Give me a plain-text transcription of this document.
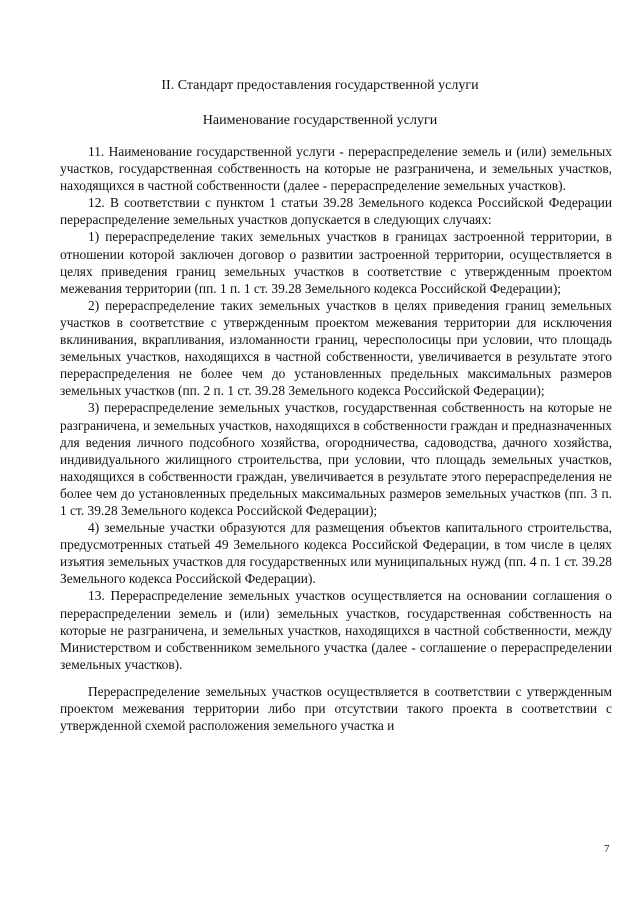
II. Стандарт предоставления государственной услуги
Наименование государственной услуги

11. Наименование государственной услуги - перераспределение земель и (или) земельных участков, государственная собственность на которые не разграничена, и земельных участков, находящихся в частной собственности (далее - перераспределение земельных участков).

12. В соответствии с пунктом 1 статьи 39.28 Земельного кодекса Российской Федерации перераспределение земельных участков допускается в следующих случаях:

1) перераспределение таких земельных участков в границах застроенной территории, в отношении которой заключен договор о развитии застроенной территории, осуществляется в целях приведения границ земельных участков в соответствие с утвержденным проектом межевания территории (пп. 1 п. 1 ст. 39.28 Земельного кодекса Российской Федерации);

2) перераспределение таких земельных участков в целях приведения границ земельных участков в соответствие с утвержденным проектом межевания территории для исключения вклинивания, вкрапливания, изломанности границ, чересполосицы при условии, что площадь земельных участков, находящихся в частной собственности, увеличивается в результате этого перераспределения не более чем до установленных предельных максимальных размеров земельных участков (пп. 2 п. 1 ст. 39.28 Земельного кодекса Российской Федерации);

3) перераспределение земельных участков, государственная собственность на которые не разграничена, и земельных участков, находящихся в собственности граждан и предназначенных для ведения личного подсобного хозяйства, огородничества, садоводства, дачного хозяйства, индивидуального жилищного строительства, при условии, что площадь земельных участков, находящихся в собственности граждан, увеличивается в результате этого перераспределения не более чем до установленных предельных максимальных размеров земельных участков (пп. 3 п. 1 ст. 39.28 Земельного кодекса Российской Федерации);

4) земельные участки образуются для размещения объектов капитального строительства, предусмотренных статьей 49 Земельного кодекса Российской Федерации, в том числе в целях изъятия земельных участков для государственных или муниципальных нужд (пп. 4 п. 1 ст. 39.28 Земельного кодекса Российской Федерации).

13. Перераспределение земельных участков осуществляется на основании соглашения о перераспределении земель и (или) земельных участков, государственная собственность на которые не разграничена, и земельных участков, находящихся в частной собственности, между Министерством и собственником земельного участка (далее - соглашение о перераспределении земельных участков).

Перераспределение земельных участков осуществляется в соответствии с утвержденным проектом межевания территории либо при отсутствии такого проекта в соответствии с утвержденной схемой расположения земельного участка и

7
